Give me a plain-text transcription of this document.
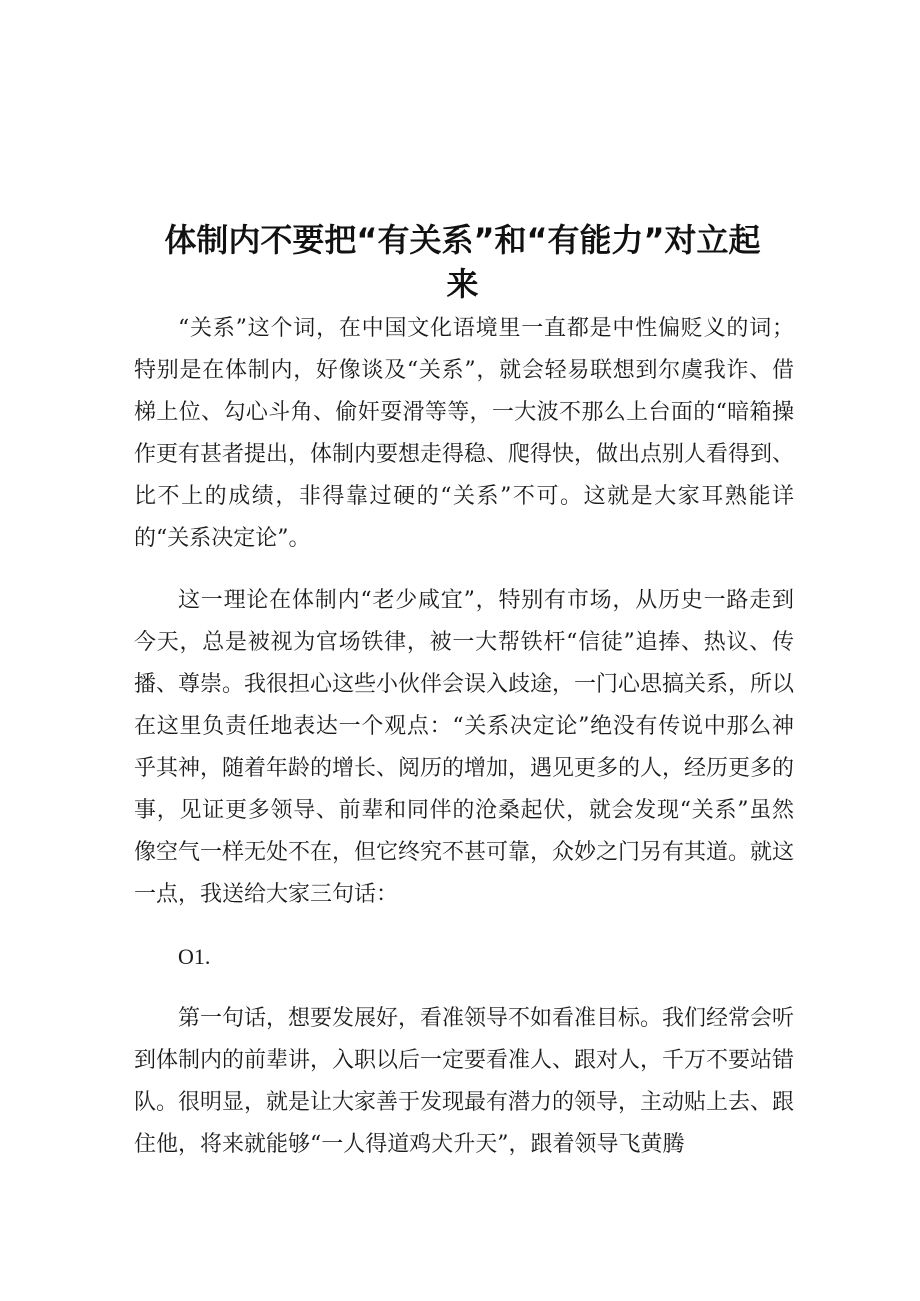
体制内不要把“有关系”和“有能力”对立起来

“关系”这个词，在中国文化语境里一直都是中性偏贬义的词；特别是在体制内，好像谈及“关系”，就会轻易联想到尔虞我诈、借梯上位、勾心斗角、偷奸耍滑等等，一大波不那么上台面的“暗箱操作更有甚者提出，体制内要想走得稳、爬得快，做出点别人看得到、比不上的成绩，非得靠过硬的“关系”不可。这就是大家耳熟能详的“关系决定论”。

这一理论在体制内“老少咸宜”，特别有市场，从历史一路走到今天，总是被视为官场铁律，被一大帮铁杆“信徒”追捧、热议、传播、尊崇。我很担心这些小伙伴会误入歧途，一门心思搞关系，所以在这里负责任地表达一个观点：“关系决定论”绝没有传说中那么神乎其神，随着年龄的增长、阅历的增加，遇见更多的人，经历更多的事，见证更多领导、前辈和同伴的沧桑起伏，就会发现“关系”虽然像空气一样无处不在，但它终究不甚可靠，众妙之门另有其道。就这一点，我送给大家三句话：

O1.

第一句话，想要发展好，看准领导不如看准目标。我们经常会听到体制内的前辈讲，入职以后一定要看准人、跟对人，千万不要站错队。很明显，就是让大家善于发现最有潜力的领导，主动贴上去、跟住他，将来就能够“一人得道鸡犬升天”，跟着领导飞黄腾
